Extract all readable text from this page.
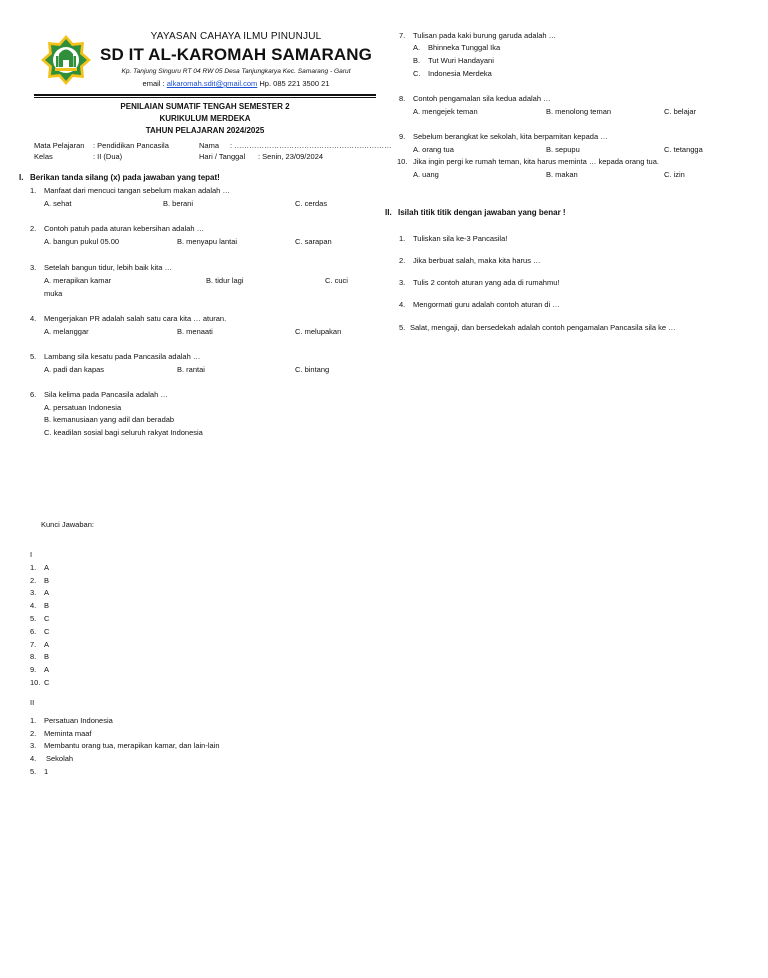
YAYASAN CAHAYA ILMU PINUNJUL
SD IT AL-KAROMAH SAMARANG
Kp. Tanjung Singuru RT 04 RW 05 Desa Tanjungkarya Kec. Samarang - Garut
email : alkaromah.sdit@gmail.com Hp. 085 221 3500 21
PENILAIAN SUMATIF TENGAH SEMESTER 2
KURIKULUM MERDEKA
TAHUN PELAJARAN 2024/2025
Mata Pelajaran : Pendidikan Pancasila	Nama : ………………………………………………………
Kelas	: II (Dua)	Hari / Tanggal : Senin, 23/09/2024
I. Berikan tanda silang (x) pada jawaban yang tepat!
1. Manfaat dari mencuci tangan sebelum makan adalah …
A. sehat	B. berani	C. cerdas
2. Contoh patuh pada aturan kebersihan adalah …
A. bangun pukul 05.00	B. menyapu lantai	C. sarapan
3. Setelah bangun tidur, lebih baik kita …
A. merapikan kamar	B. tidur lagi	C. cuci
muka
4. Mengerjakan PR adalah salah satu cara kita … aturan.
A. melanggar	B. menaati	C. melupakan
5. Lambang sila kesatu pada Pancasila adalah …
A. padi dan kapas	B. rantai	C. bintang
6. Sila kelima pada Pancasila adalah …
A. persatuan Indonesia
B. kemanusiaan yang adil dan beradab
C. keadilan sosial bagi seluruh rakyat Indonesia
7. Tulisan pada kaki burung garuda adalah …
A. Bhinneka Tunggal Ika
B. Tut Wuri Handayani
C. Indonesia Merdeka
8. Contoh pengamalan sila kedua adalah …
A. mengejek teman	B. menolong teman	C. belajar
9. Sebelum berangkat ke sekolah, kita berpamitan kepada …
A. orang tua	B. sepupu	C. tetangga
10. Jika ingin pergi ke rumah teman, kita harus meminta … kepada orang tua.
A. uang	B. makan	C. izin
II. Isilah titik titik dengan jawaban yang benar !
1. Tuliskan sila ke-3 Pancasila!
2. Jika berbuat salah, maka kita harus …
3. Tulis 2 contoh aturan yang ada di rumahmu!
4. Mengormati guru adalah contoh aturan di …
5. Salat, mengaji, dan bersedekah adalah contoh pengamalan Pancasila sila ke …
Kunci Jawaban:
I
1. A
2. B
3. A
4. B
5. C
6. C
7. A
8. B
9. A
10. C
II
1. Persatuan Indonesia
2. Meminta maaf
3. Membantu orang tua, merapikan kamar, dan lain-lain
4. Sekolah
5. 1
